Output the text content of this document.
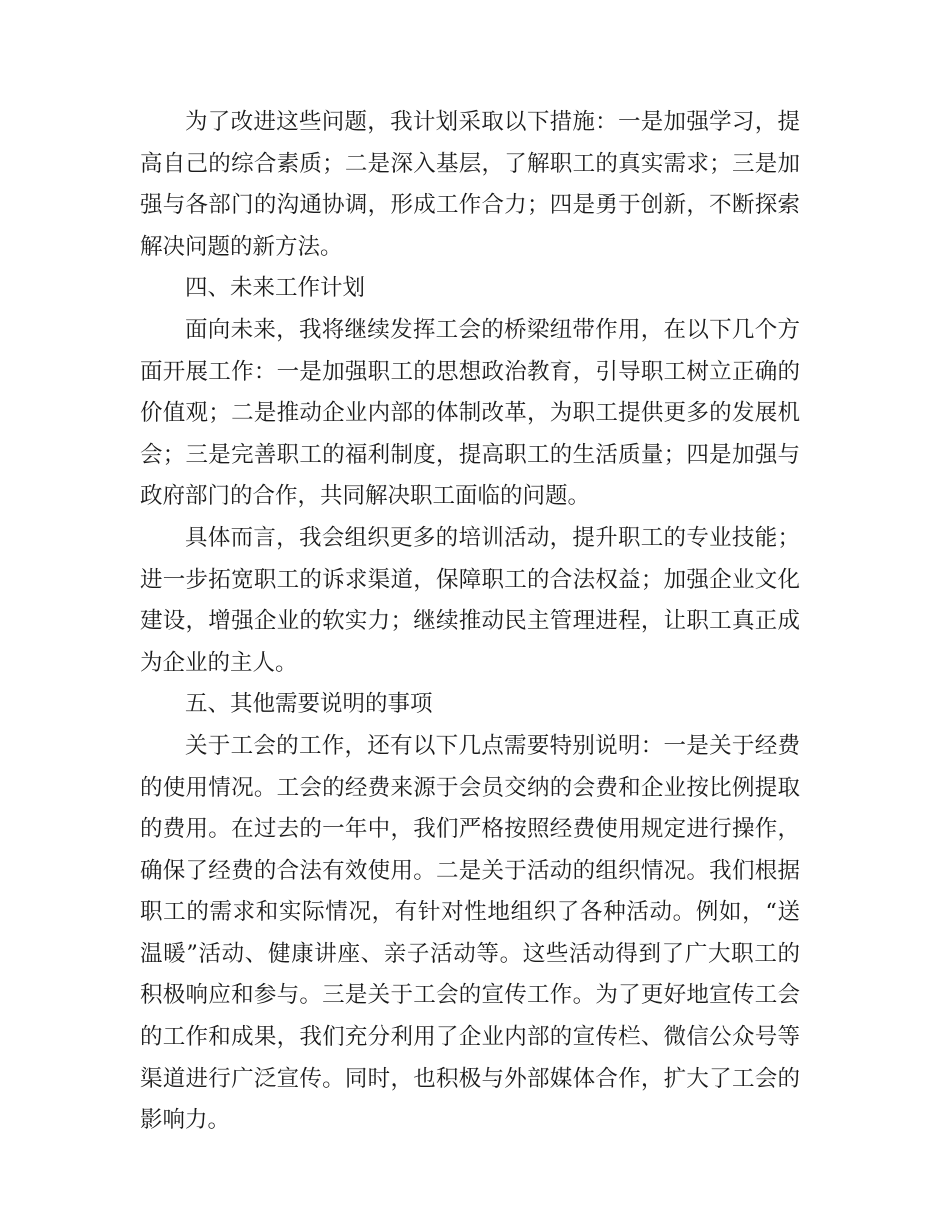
为了改进这些问题，我计划采取以下措施：一是加强学习，提高自己的综合素质；二是深入基层，了解职工的真实需求；三是加强与各部门的沟通协调，形成工作合力；四是勇于创新，不断探索解决问题的新方法。

四、未来工作计划

面向未来，我将继续发挥工会的桥梁纽带作用，在以下几个方面开展工作：一是加强职工的思想政治教育，引导职工树立正确的价值观；二是推动企业内部的体制改革，为职工提供更多的发展机会；三是完善职工的福利制度，提高职工的生活质量；四是加强与政府部门的合作，共同解决职工面临的问题。

具体而言，我会组织更多的培训活动，提升职工的专业技能；进一步拓宽职工的诉求渠道，保障职工的合法权益；加强企业文化建设，增强企业的软实力；继续推动民主管理进程，让职工真正成为企业的主人。

五、其他需要说明的事项

关于工会的工作，还有以下几点需要特别说明：一是关于经费的使用情况。工会的经费来源于会员交纳的会费和企业按比例提取的费用。在过去的一年中，我们严格按照经费使用规定进行操作，确保了经费的合法有效使用。二是关于活动的组织情况。我们根据职工的需求和实际情况，有针对性地组织了各种活动。例如，“送温暖”活动、健康讲座、亲子活动等。这些活动得到了广大职工的积极响应和参与。三是关于工会的宣传工作。为了更好地宣传工会的工作和成果，我们充分利用了企业内部的宣传栏、微信公众号等渠道进行广泛宣传。同时，也积极与外部媒体合作，扩大了工会的影响力。
